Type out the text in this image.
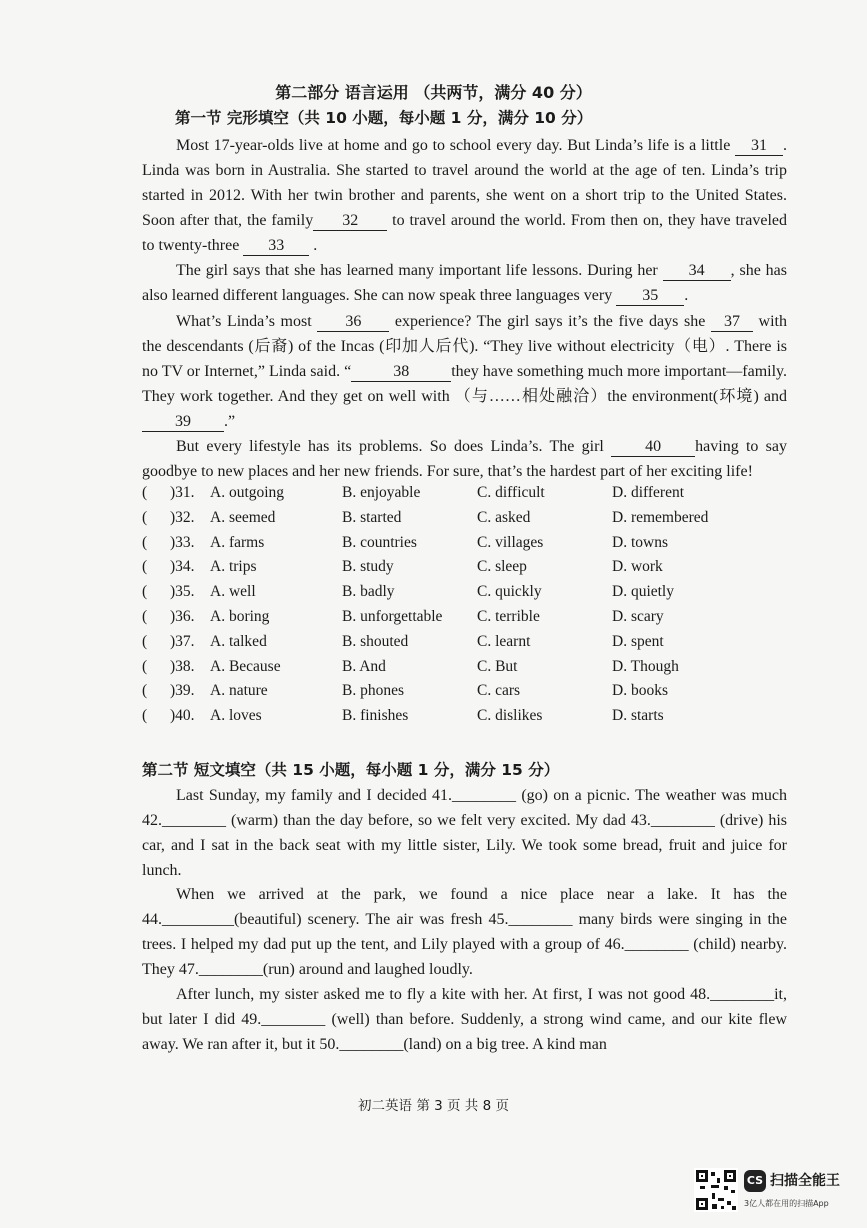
第二部分 语言运用 （共两节，满分 40 分）
第一节 完形填空（共 10 小题，每小题 1 分，满分 10 分）

Most 17-year-olds live at home and go to school every day. But Linda’s life is a little 31 . Linda was born in Australia. She started to travel around the world at the age of ten. Linda’s trip started in 2012. With her twin brother and parents, she went on a short trip to the United States. Soon after that, the family 32 to travel around the world. From then on, they have traveled to twenty-three 33 .

The girl says that she has learned many important life lessons. During her 34 , she has also learned different languages. She can now speak three languages very 35 .

What’s Linda’s most 36 experience? The girl says it’s the five days she 37 with the descendants (后裔) of the Incas (印加人后代). “They live without electricity（电）. There is no TV or Internet,” Linda said. “	38	they have something much more important—family. They work together. And they get on well with （与……相处融洽）the environment(环境) and 39 .”

But every lifestyle has its problems. So does Linda’s. The girl 40 having to say goodbye to new places and her new friends. For sure, that’s the hardest part of her exciting life!

( )31. A. outgoing	B. enjoyable	C. difficult	D. different
( )32. A. seemed	B. started	C. asked	D. remembered
( )33. A. farms	B. countries	C. villages	D. towns
( )34. A. trips	B. study	C. sleep	D. work
( )35. A. well	B. badly	C. quickly	D. quietly
( )36. A. boring	B. unforgettable C. terrible	D. scary
( )37. A. talked	B. shouted	C. learnt	D. spent
( )38. A. Because	B. And	C. But	D. Though
( )39. A. nature	B. phones	C. cars	D. books
( )40. A. loves	B. finishes	C. dislikes	D. starts
第二节 短文填空（共 15 小题，每小题 1 分，满分 15 分）

Last Sunday, my family and I decided 41.________ (go) on a picnic. The weather was much 42.________ (warm) than the day before, so we felt very excited. My dad 43.________ (drive) his car, and I sat in the back seat with my little sister, Lily. We took some bread, fruit and juice for lunch.

When we arrived at the park, we found a nice place near a lake. It has the 44._________(beautiful) scenery. The air was fresh 45.________ many birds were singing in the trees. I helped my dad put up the tent, and Lily played with a group of 46.________ (child) nearby. They 47.________(run) around and laughed loudly.

After lunch, my sister asked me to fly a kite with her. At first, I was not good 48.________it, but later I did 49.________ (well) than before. Suddenly, a strong wind came, and our kite flew away. We ran after it, but it 50.________(land) on a big tree. A kind man

初二英语 第 3 页 共 8 页
CS 扫描全能王
3亿人都在用的扫描App
